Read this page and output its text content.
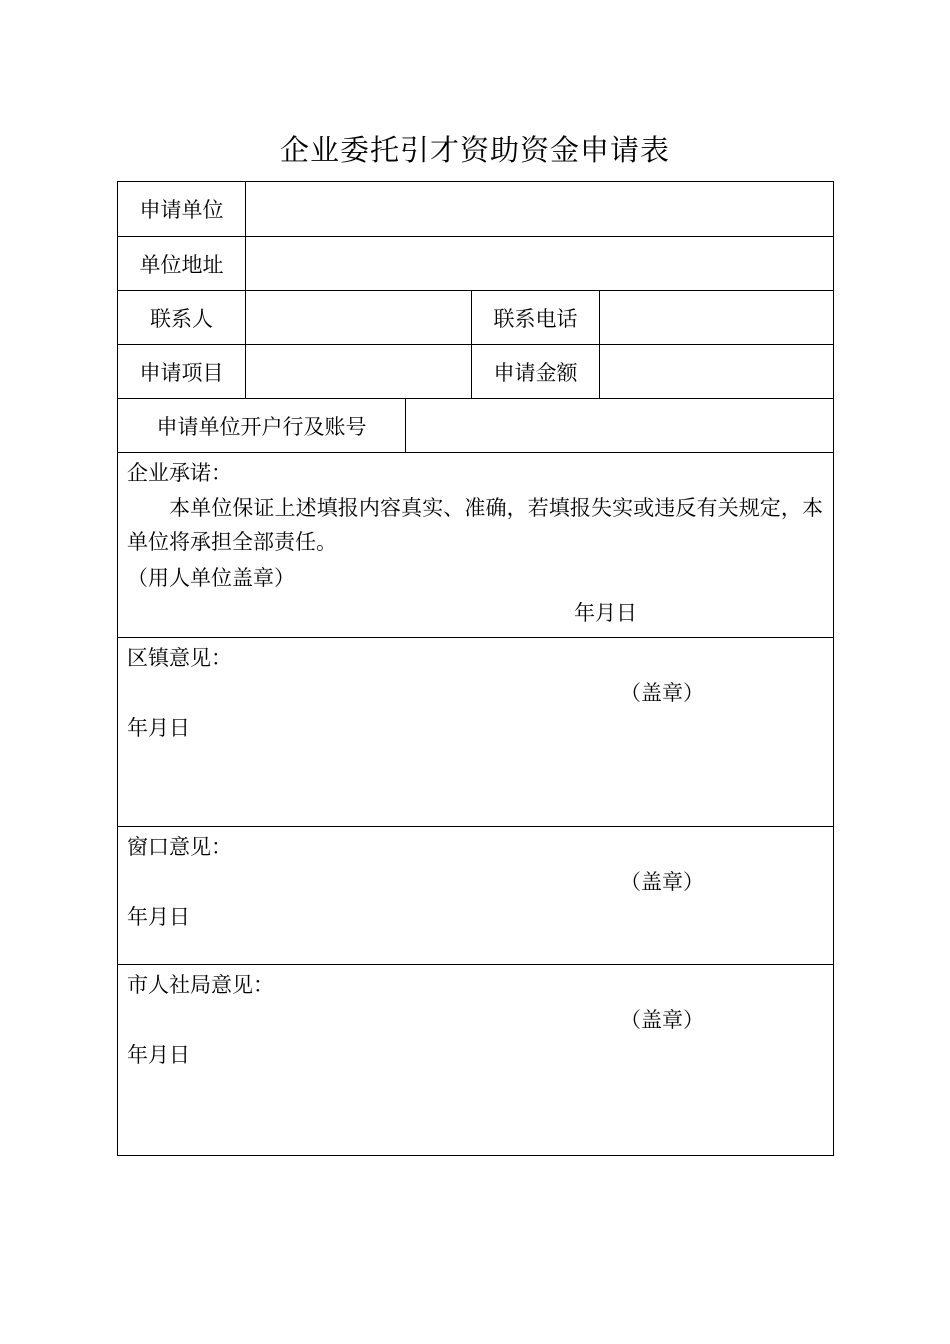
企业委托引才资助资金申请表
申请单位
单位地址
联系人	联系电话
申请项目	申请金额
申请单位开户行及账号
企业承诺：
本单位保证上述填报内容真实、准确，若填报失实或违反有关规定，本单位将承担全部责任。
（用人单位盖章）
年月日
区镇意见：
（盖章）
年月日
窗口意见：
（盖章）
年月日
市人社局意见：
（盖章）
年月日
